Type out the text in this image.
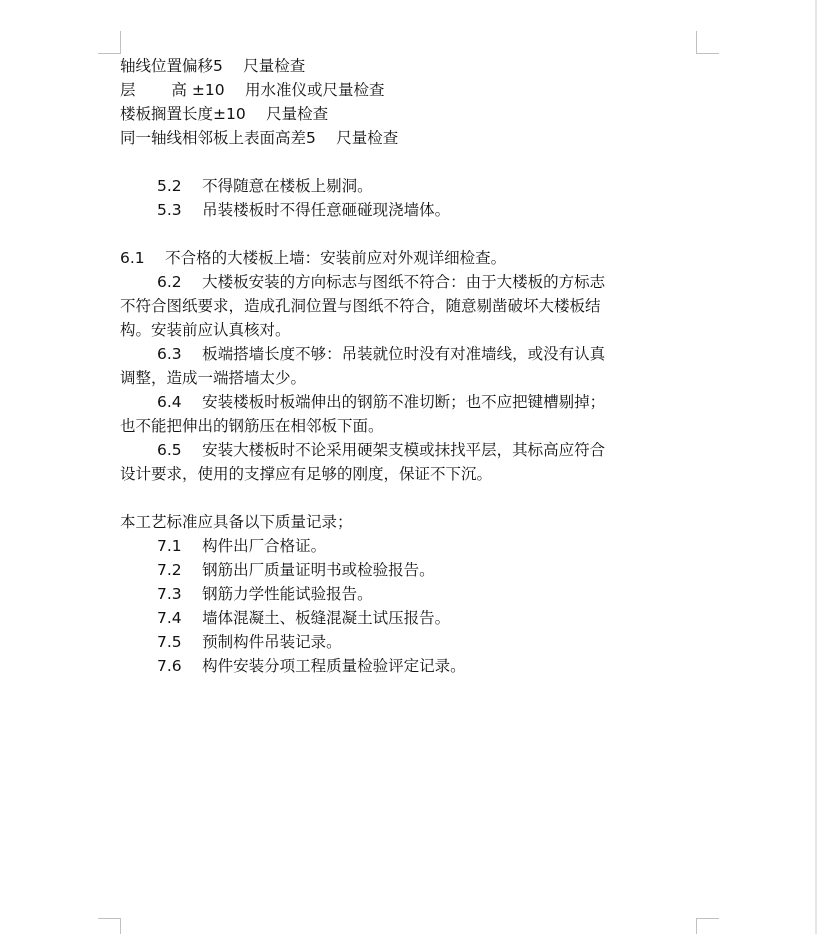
轴线位置偏移5　 尺量检查
层　　 高 ±10　 用水准仪或尺量检查
楼板搁置长度±10　 尺量检查
同一轴线相邻板上表面高差5　 尺量检查
5.2　 不得随意在楼板上剔洞。
5.3　 吊装楼板时不得任意砸碰现浇墙体。
6.1　 不合格的大楼板上墙：安装前应对外观详细检查。
6.2　 大楼板安装的方向标志与图纸不符合：由于大楼板的方标志
不符合图纸要求，造成孔洞位置与图纸不符合，随意剔凿破坏大楼板结
构。安装前应认真核对。
6.3　 板端搭墙长度不够：吊装就位时没有对准墙线，或没有认真
调整，造成一端搭墙太少。
6.4　 安装楼板时板端伸出的钢筋不准切断；也不应把键槽剔掉；
也不能把伸出的钢筋压在相邻板下面。
6.5　 安装大楼板时不论采用硬架支模或抹找平层，其标高应符合
设计要求，使用的支撑应有足够的刚度，保证不下沉。
本工艺标准应具备以下质量记录；
7.1　 构件出厂合格证。
7.2　 钢筋出厂质量证明书或检验报告。
7.3　 钢筋力学性能试验报告。
7.4　 墙体混凝土、板缝混凝土试压报告。
7.5　 预制构件吊装记录。
7.6　 构件安装分项工程质量检验评定记录。
